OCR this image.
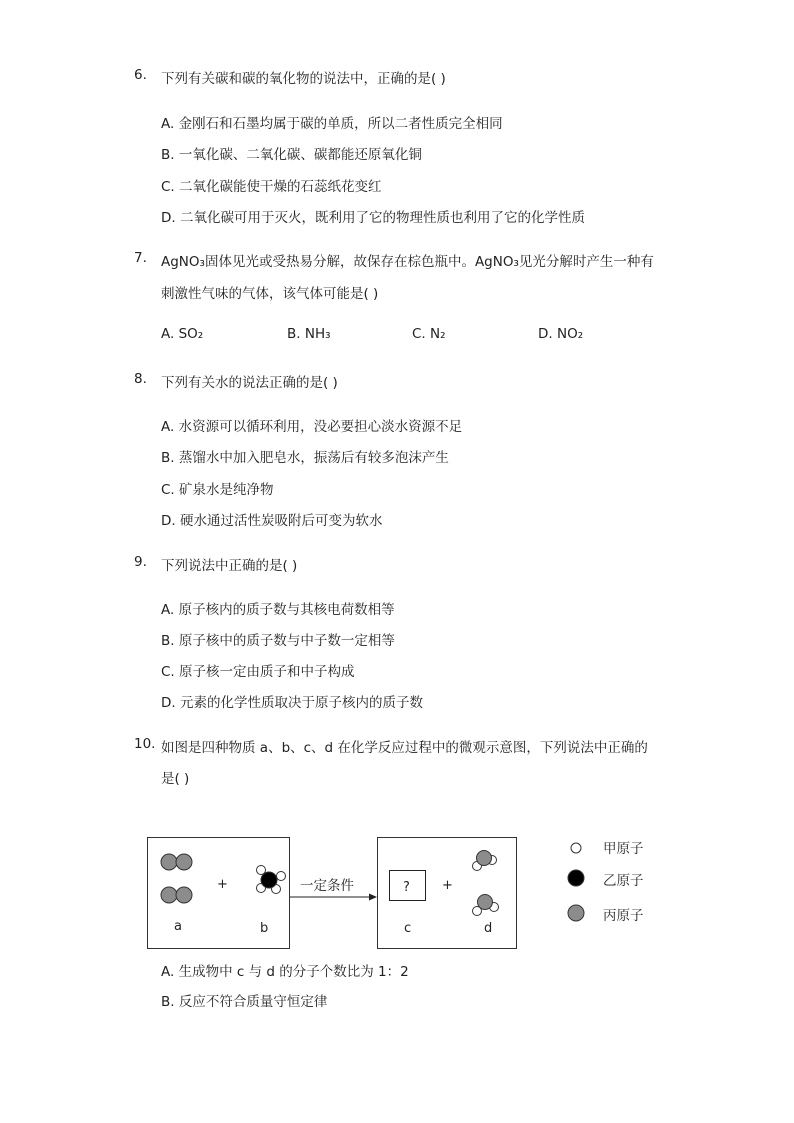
6. 下列有关碳和碳的氧化物的说法中，正确的是( )
A. 金刚石和石墨均属于碳的单质，所以二者性质完全相同
B. 一氧化碳、二氧化碳、碳都能还原氧化铜
C. 二氧化碳能使干燥的石蕊纸花变红
D. 二氧化碳可用于灭火，既利用了它的物理性质也利用了它的化学性质
7. AgNO₃固体见光或受热易分解，故保存在棕色瓶中。AgNO₃见光分解时产生一种有
刺激性气味的气体，该气体可能是( )
A. SO₂	B. NH₃	C. N₂	D. NO₂
8. 下列有关水的说法正确的是( )
A. 水资源可以循环利用，没必要担心淡水资源不足
B. 蒸馏水中加入肥皂水，振荡后有较多泡沫产生
C. 矿泉水是纯净物
D. 硬水通过活性炭吸附后可变为软水
9. 下列说法中正确的是( )
A. 原子核内的质子数与其核电荷数相等
B. 原子核中的质子数与中子数一定相等
C. 原子核一定由质子和中子构成
D. 元素的化学性质取决于原子核内的质子数
10. 如图是四种物质 a、b、c、d 在化学反应过程中的微观示意图，下列说法中正确的
是( )
+
a	b
一定条件	? +
c	d
甲原子
乙原子
丙原子
A. 生成物中 c 与 d 的分子个数比为 1：2
B. 反应不符合质量守恒定律
